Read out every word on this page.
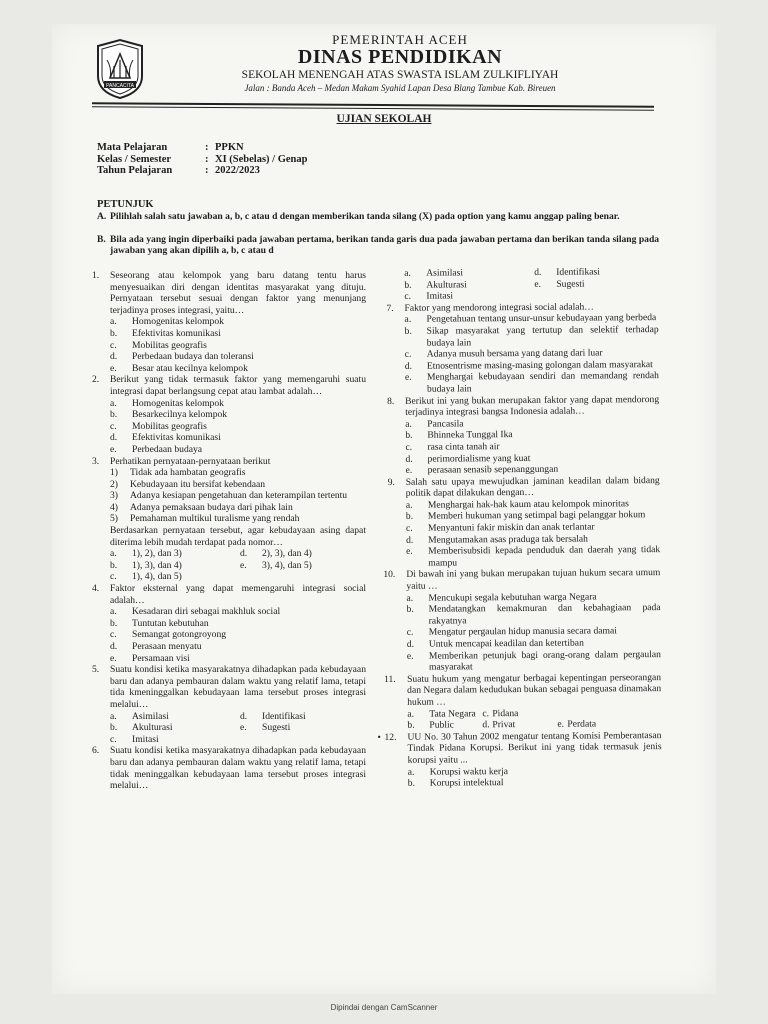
PANCACITA
PEMERINTAH ACEH
DINAS PENDIDIKAN
SEKOLAH MENENGAH ATAS SWASTA ISLAM ZULKIFLIYAH
Jalan : Banda Aceh – Medan Makam Syahid Lapan Desa Blang Tambue Kab. Bireuen
UJIAN SEKOLAH
Mata Pelajaran	: PPKN
Kelas / Semester	: XI (Sebelas) / Genap
Tahun Pelajaran	: 2022/2023
PETUNJUK
A. Pilihlah salah satu jawaban a, b, c atau d dengan memberikan tanda silang (X) pada option yang kamu anggap paling benar.
B. Bila ada yang ingin diperbaiki pada jawaban pertama, berikan tanda garis dua pada jawaban pertama dan berikan tanda silang pada jawaban yang akan dipilih a, b, c atau d
1. Seseorang atau kelompok yang baru datang tentu harus menyesuaikan diri dengan identitas masyarakat yang dituju. Pernyataan tersebut sesuai dengan faktor yang menunjang terjadinya proses integrasi, yaitu…
a. Homogenitas kelompok
b. Efektivitas komunikasi
c. Mobilitas geografis
d. Perbedaan budaya dan toleransi
e. Besar atau kecilnya kelompok
2. Berikut yang tidak termasuk faktor yang memengaruhi suatu integrasi dapat berlangsung cepat atau lambat adalah…
a. Homogenitas kelompok
b. Besarkecilnya kelompok
c. Mobilitas geografis
d. Efektivitas komunikasi
e. Perbedaan budaya
3. Perhatikan pernyataan-pernyataan berikut
1) Tidak ada hambatan geografis
2) Kebudayaan itu bersifat kebendaan
3) Adanya kesiapan pengetahuan dan keterampilan tertentu
4) Adanya pemaksaan budaya dari pihak lain
5) Pemahaman multikul turalisme yang rendah
Berdasarkan pernyataan tersebut, agar kebudayaan asing dapat diterima lebih mudah terdapat pada nomor…
a. 1), 2), dan 3)	d. 2), 3), dan 4)
b. 1), 3), dan 4)	e. 3), 4), dan 5)
c. 1), 4), dan 5)
4. Faktor eksternal yang dapat memengaruhi integrasi social adalah…
a. Kesadaran diri sebagai makhluk social
b. Tuntutan kebutuhan
c. Semangat gotongroyong
d. Perasaan menyatu
e. Persamaan visi
5. Suatu kondisi ketika masyarakatnya dihadapkan pada kebudayaan baru dan adanya pembauran dalam waktu yang relatif lama, tetapi tida kmeninggalkan kebudayaan lama tersebut proses integrasi melalui…
a. Asimilasi	d. Identifikasi
b. Akulturasi	e. Sugesti
c. Imitasi
6. Suatu kondisi ketika masyarakatnya dihadapkan pada kebudayaan baru dan adanya pembauran dalam waktu yang relatif lama, tetapi tidak meninggalkan kebudayaan lama tersebut proses integrasi melalui…
a. Asimilasi	d. Identifikasi
b. Akulturasi	e. Sugesti
c. Imitasi
7. Faktor yang mendorong integrasi social adalah…
a. Pengetahuan tentang unsur-unsur kebudayaan yang berbeda
b. Sikap masyarakat yang tertutup dan selektif terhadap budaya lain
c. Adanya musuh bersama yang datang dari luar
d. Etnosentrisme masing-masing golongan dalam masyarakat
e. Menghargai kebudayaan sendiri dan memandang rendah budaya lain
8. Berikut ini yang bukan merupakan faktor yang dapat mendorong terjadinya integrasi bangsa Indonesia adalah…
a. Pancasila
b. Bhinneka Tunggal Ika
c. rasa cinta tanah air
d. perimordialisme yang kuat
e. perasaan senasib sepenanggungan
9. Salah satu upaya mewujudkan jaminan keadilan dalam bidang politik dapat dilakukan dengan…
a. Menghargai hak-hak kaum atau kelompok minoritas
b. Memberi hukuman yang setimpal bagi pelanggar hokum
c. Menyantuni fakir miskin dan anak terlantar
d. Mengutamakan asas praduga tak bersalah
e. Memberisubsidi kepada penduduk dan daerah yang tidak mampu
10. Di bawah ini yang bukan merupakan tujuan hukum secara umum yaitu …
a. Mencukupi segala kebutuhan warga Negara
b. Mendatangkan kemakmuran dan kebahagiaan pada rakyatnya
c. Mengatur pergaulan hidup manusia secara damai
d. Untuk mencapai keadilan dan ketertiban
e. Memberikan petunjuk bagi orang-orang dalam pergaulan masyarakat
11. Suatu hukum yang mengatur berbagai kepentingan perseorangan dan Negara dalam kedudukan bukan sebagai penguasa dinamakan hukum …
a. Tata Negara c. Pidana
b. Public	d. Privat	e. Perdata
• 12. UU No. 30 Tahun 2002 mengatur tentang Komisi Pemberantasan Tindak Pidana Korupsi. Berikut ini yang tidak termasuk jenis korupsi yaitu ...
a. Korupsi waktu kerja
b. Korupsi intelektual
Dipindai dengan CamScanner
